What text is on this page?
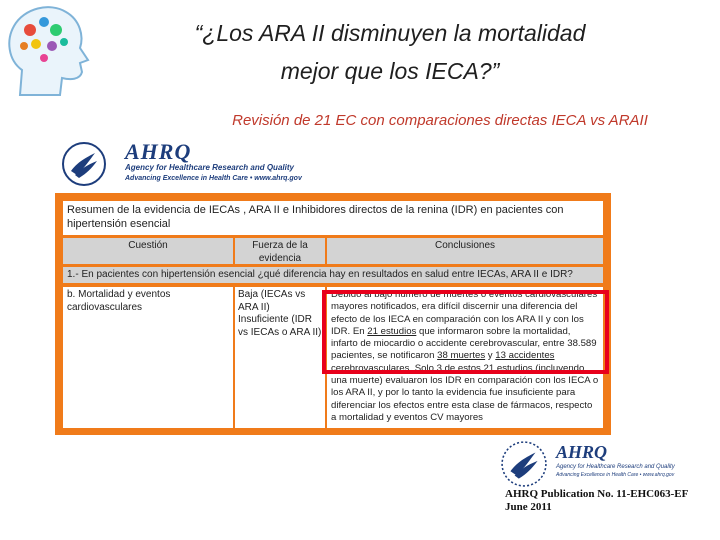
“¿Los ARA II disminuyen la mortalidad
mejor que los IECA?”
Revisión de 21 EC con comparaciones directas IECA vs ARAII
AHRQ
Agency for Healthcare Research and Quality
Advancing Excellence in Health Care • www.ahrq.gov
Resumen de la evidencia de IECAs , ARA II e Inhibidores directos de la renina (IDR) en pacientes con hipertensión esencial
Cuestión	Fuerza de la evidencia
Conclusiones
1.- En pacientes con hipertensión esencial ¿qué diferencia hay en resultados en salud entre IECAs, ARA II e IDR?
b. Mortalidad y eventos cardiovasculares
Baja (IECAs vs ARA II) Insuficiente (IDR vs IECAs o ARA II)
Debido al bajo número de muertes o eventos cardiovasculares mayores notificados, era difícil discernir una diferencia del efecto de los IECA en comparación con los ARA II y con los IDR. En 21 estudios que informaron sobre la mortalidad, infarto de miocardio o accidente cerebrovascular, entre 38.589 pacientes, se notificaron 38 muertes y 13 accidentes cerebrovasculares. Solo 3 de estos 21 estudios (incluyendo una muerte) evaluaron los IDR en comparación con los IECA o los ARA II, y por lo tanto la evidencia fue insuficiente para diferenciar los efectos entre esta clase de fármacos, respecto a mortalidad y eventos CV mayores
AHRQ
Agency for Healthcare Research and Quality
Advancing Excellence in Health Care • www.ahrq.gov
AHRQ Publication No. 11-EHC063-EF
June 2011
